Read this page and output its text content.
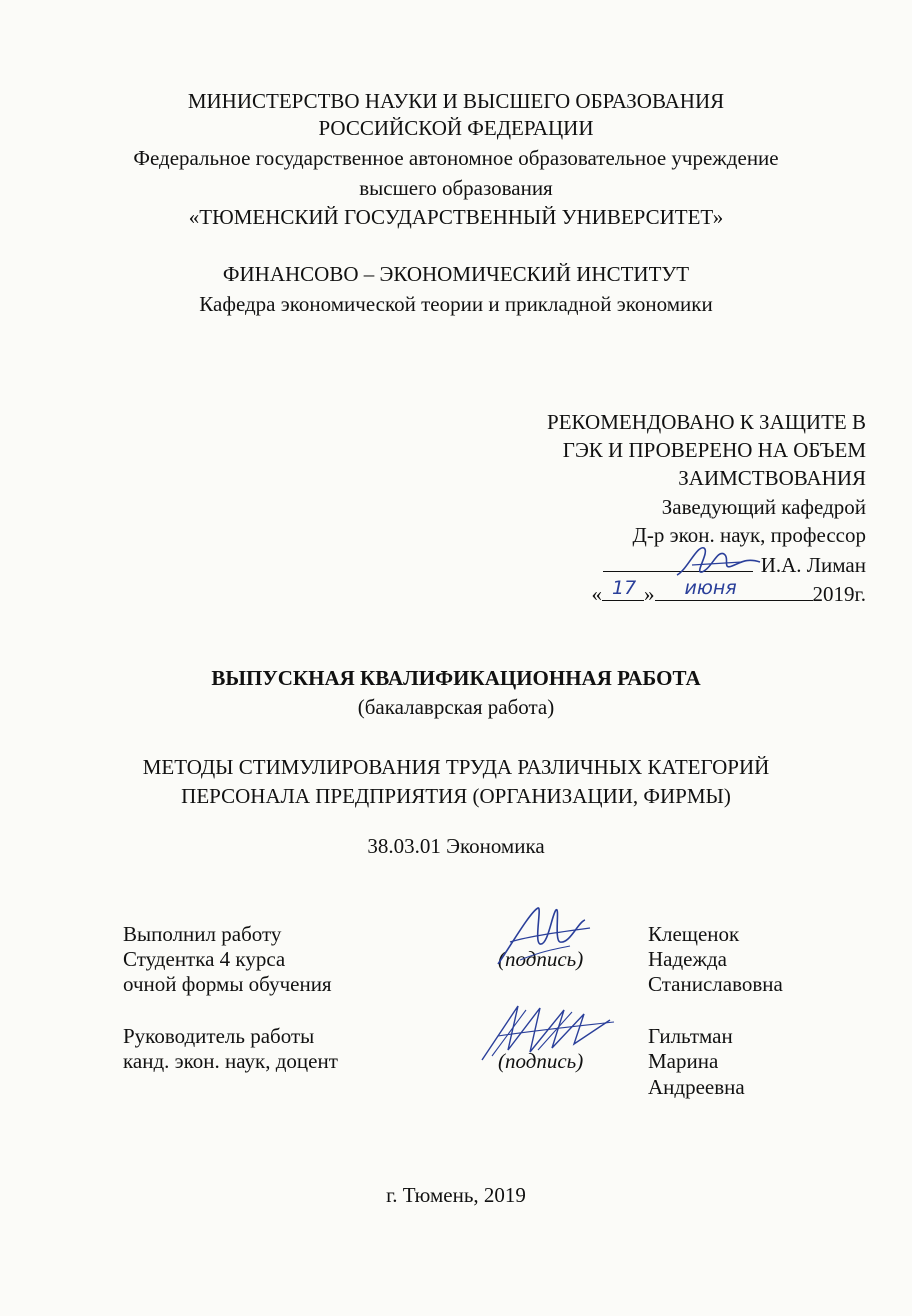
МИНИСТЕРСТВО НАУКИ И ВЫСШЕГО ОБРАЗОВАНИЯ
РОССИЙСКОЙ ФЕДЕРАЦИИ
Федеральное государственное автономное образовательное учреждение
высшего образования
«ТЮМЕНСКИЙ ГОСУДАРСТВЕННЫЙ УНИВЕРСИТЕТ»
ФИНАНСОВО – ЭКОНОМИЧЕСКИЙ ИНСТИТУТ
Кафедра экономической теории и прикладной экономики
РЕКОМЕНДОВАНО К ЗАЩИТЕ В
ГЭК И ПРОВЕРЕНО НА ОБЪЕМ
ЗАИМСТВОВАНИЯ
Заведующий кафедрой
Д-р экон. наук, профессор
И.А. Лиман
« 17 » июня	2019г.
ВЫПУСКНАЯ КВАЛИФИКАЦИОННАЯ РАБОТА
(бакалаврская работа)
МЕТОДЫ СТИМУЛИРОВАНИЯ ТРУДА РАЗЛИЧНЫХ КАТЕГОРИЙ
ПЕРСОНАЛА ПРЕДПРИЯТИЯ (ОРГАНИЗАЦИИ, ФИРМЫ)
38.03.01 Экономика
Выполнил работу
Студентка 4 курса
очной формы обучения
(подпись)
Клещенок
Надежда
Станиславовна
Руководитель работы
канд. экон. наук, доцент	(подпись)
Гильтман
Марина
Андреевна
г. Тюмень, 2019
